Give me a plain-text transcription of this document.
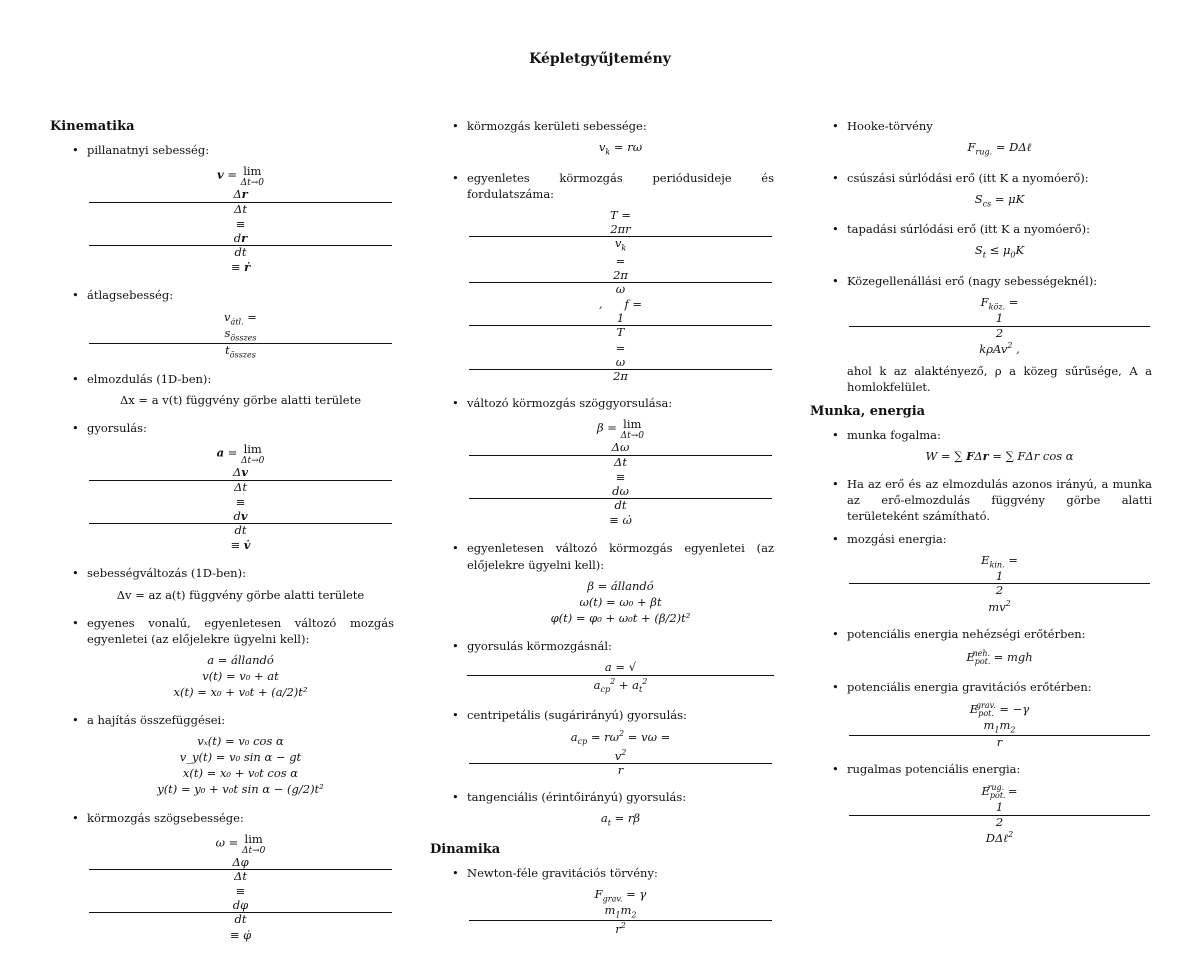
Képletgyűjtemény
Kinematika
• pillanatnyi sebesség:
v = lim
Δt→0
Δr
Δt
≡
dr
dt
≡ ṙ
• átlagsebesség:
$v_{átl.}$ =
$s_{összes}$
$t_{összes}$
• elmozdulás (1D-ben):
Δx = a v(t) függvény görbe alatti területe
• gyorsulás:
a = lim
Δt→0
Δv
Δt
≡
dv
dt
≡ v̇
• sebességváltozás (1D-ben):
Δv = az a(t) függvény görbe alatti területe
• egyenes vonalú, egyenletesen változó mozgás egyenletei (az előjelekre ügyelni kell):
a = állandó
v(t) = v₀ + at
x(t) = x₀ + v₀t + (a/2)t²
• a hajítás összefüggései:
vₓ(t) = v₀ cos α
v_y(t) = v₀ sin α − gt
x(t) = x₀ + v₀t cos α
y(t) = y₀ + v₀t sin α − (g/2)t²
• körmozgás szögsebessége:
ω = lim
Δt→0
Δφ
Δt
≡
dφ
dt
≡ φ̇
• körmozgás kerületi sebessége:
$v_k = r\omega$
• egyenletes körmozgás periódusideje és fordulatszáma:
T =
2πr
$v_k$
=
2π
ω
,      f =
1
T
=
ω
2π
• változó körmozgás szöggyorsulása:
β = lim
Δt→0
Δω
Δt
≡
dω
dt
≡ ω̇
• egyenletesen változó körmozgás egyenletei (az előjelekre ügyelni kell):
β = állandó
ω(t) = ω₀ + βt
φ(t) = φ₀ + ω₀t + (β/2)t²
• gyorsulás körmozgásnál:
a = √
$a_{cp}^2 + a_t^2$
• centripetális (sugárirányú) gyorsulás:
$a_{cp} = r\omega^2 = v\omega$ =
$v^2$
r
• tangenciális (érintőirányú) gyorsulás:
$a_t = r\beta$
Dinamika
• Newton-féle gravitációs törvény:
$F_{grav.} = \gamma$
$m_1m_2$
$r^2$
• Hooke-törvény
$F_{rug.}$ = DΔℓ
• csúszási súrlódási erő (itt K a nyomóerő):
$S_{cs} = \mu K$
• tapadási súrlódási erő (itt K a nyomóerő):
$S_t \le \mu_0K$
• Közegellenállási erő (nagy sebességeknél):
$F_{köz.}$ =
1
2
kρAv$^2$ ,
ahol k az alaktényező, ρ a közeg sűrűsége, A a homlokfelület.
Munka, energia
• munka fogalma:
W = ∑ FΔr = ∑ FΔr cos α
• Ha az erő és az elmozdulás azonos irányú, a munka az erő-elmozdulás függvény görbe alatti területeként számítható.
• mozgási energia:
$E_{kin.}$ =
1
2
$mv^2$
• potenciális energia nehézségi erőtérben:
$E_{pot.}^{neh.}$ = mgh
• potenciális energia gravitációs erőtérben:
$E_{pot.}^{grav.} = -\gamma$
$m_1m_2$
r
• rugalmas potenciális energia:
$E_{pot.}^{rug.}$ =
1
2
DΔℓ$^2$
